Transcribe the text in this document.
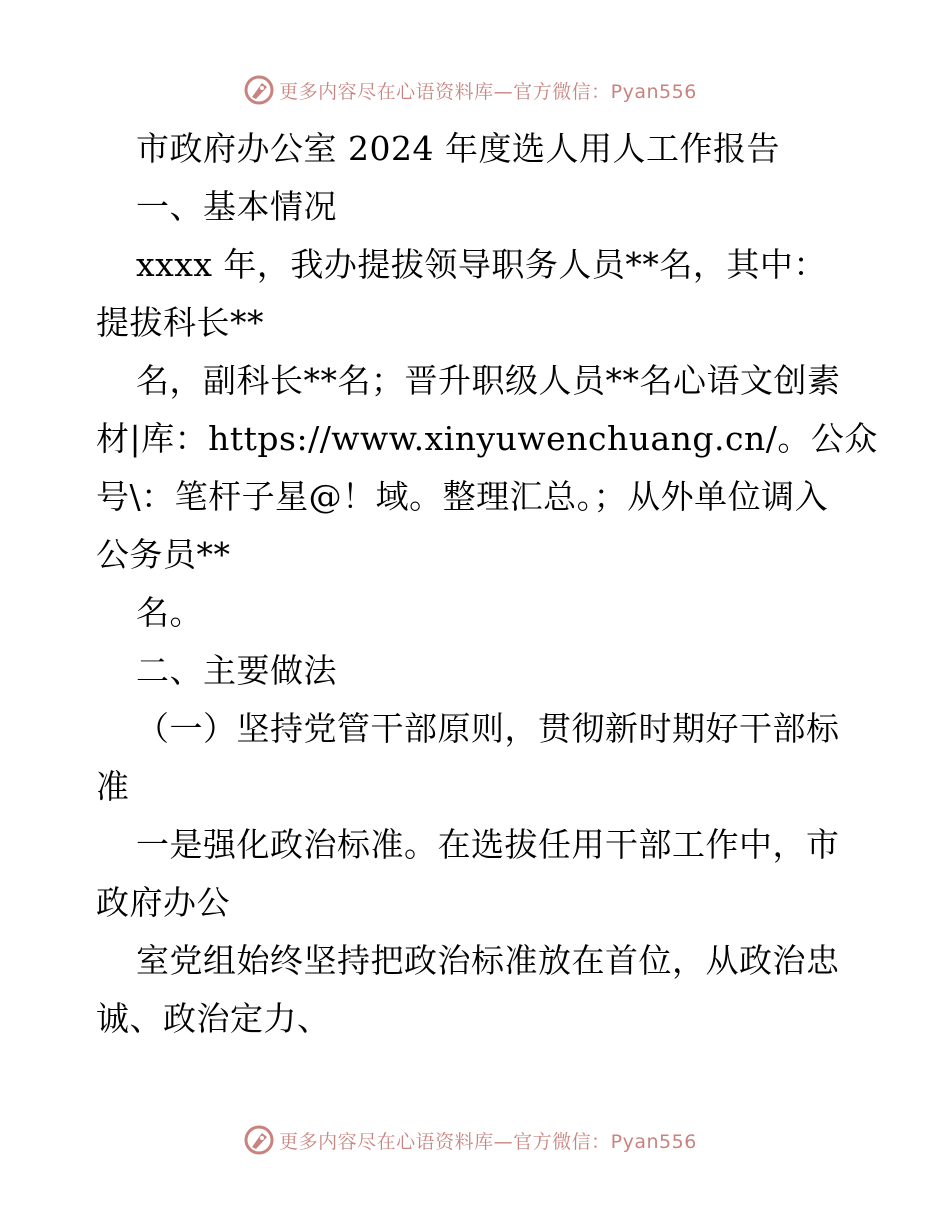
更多内容尽在心语资料库—官方微信：Pyan556
市政府办公室 2024 年度选人用人工作报告
一、基本情况
xxxx 年，我办提拔领导职务人员**名，其中：
提拔科长**
名，副科长**名；晋升职级人员**名心语文创素
材|库：https://www.xinyuwenchuang.cn/。公众
号\：笔杆子星@！域。整理汇总。；从外单位调入
公务员**
名。
二、主要做法
（一）坚持党管干部原则，贯彻新时期好干部标
准
一是强化政治标准。在选拔任用干部工作中，市
政府办公
室党组始终坚持把政治标准放在首位，从政治忠
诚、政治定力、
更多内容尽在心语资料库—官方微信：Pyan556
